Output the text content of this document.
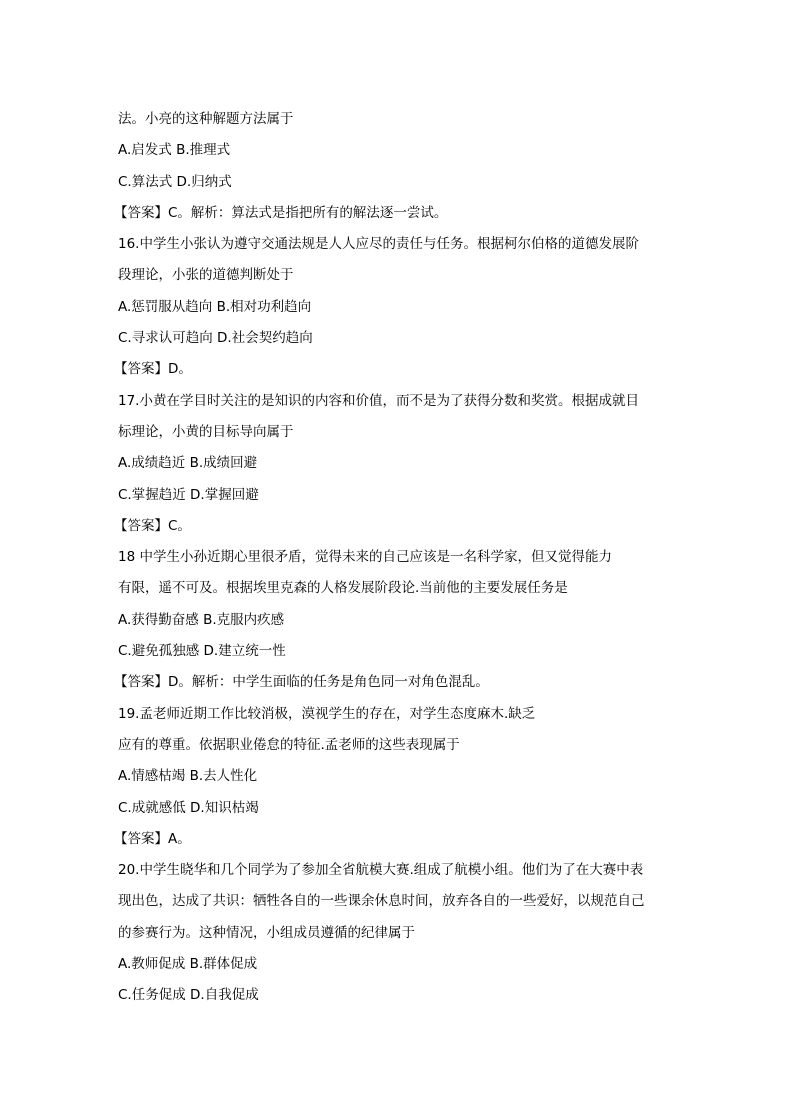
法。小亮的这种解题方法属于
A.启发式 B.推理式
C.算法式 D.归纳式
【答案】C。解析：算法式是指把所有的解法逐一尝试。
16.中学生小张认为遵守交通法规是人人应尽的责任与任务。根据柯尔伯格的道德发展阶
段理论，小张的道德判断处于
A.惩罚服从趋向 B.相对功利趋向
C.寻求认可趋向 D.社会契约趋向
【答案】D。
17.小黄在学目时关注的是知识的内容和价值，而不是为了获得分数和奖赏。根据成就目
标理论，小黄的目标导向属于
A.成绩趋近 B.成绩回避
C.掌握趋近 D.掌握回避
【答案】C。
18 中学生小孙近期心里很矛盾，觉得未来的自己应该是一名科学家，但又觉得能力
有限，遥不可及。根据埃里克森的人格发展阶段论.当前他的主要发展任务是
A.获得勤奋感 B.克服内疚感
C.避免孤独感 D.建立统一性
【答案】D。解析：中学生面临的任务是角色同一对角色混乱。
19.孟老师近期工作比较消极，漠视学生的存在，对学生态度麻木.缺乏
应有的尊重。依据职业倦怠的特征.孟老师的这些表现属于
A.情感枯竭 B.去人性化
C.成就感低 D.知识枯竭
【答案】A。
20.中学生晓华和几个同学为了参加全省航模大赛.组成了航模小组。他们为了在大赛中表
现出色，达成了共识：牺牲各自的一些课余休息时间，放弃各自的一些爱好，以规范自己
的参赛行为。这种情况，小组成员遵循的纪律属于
A.教师促成 B.群体促成
C.任务促成 D.自我促成
